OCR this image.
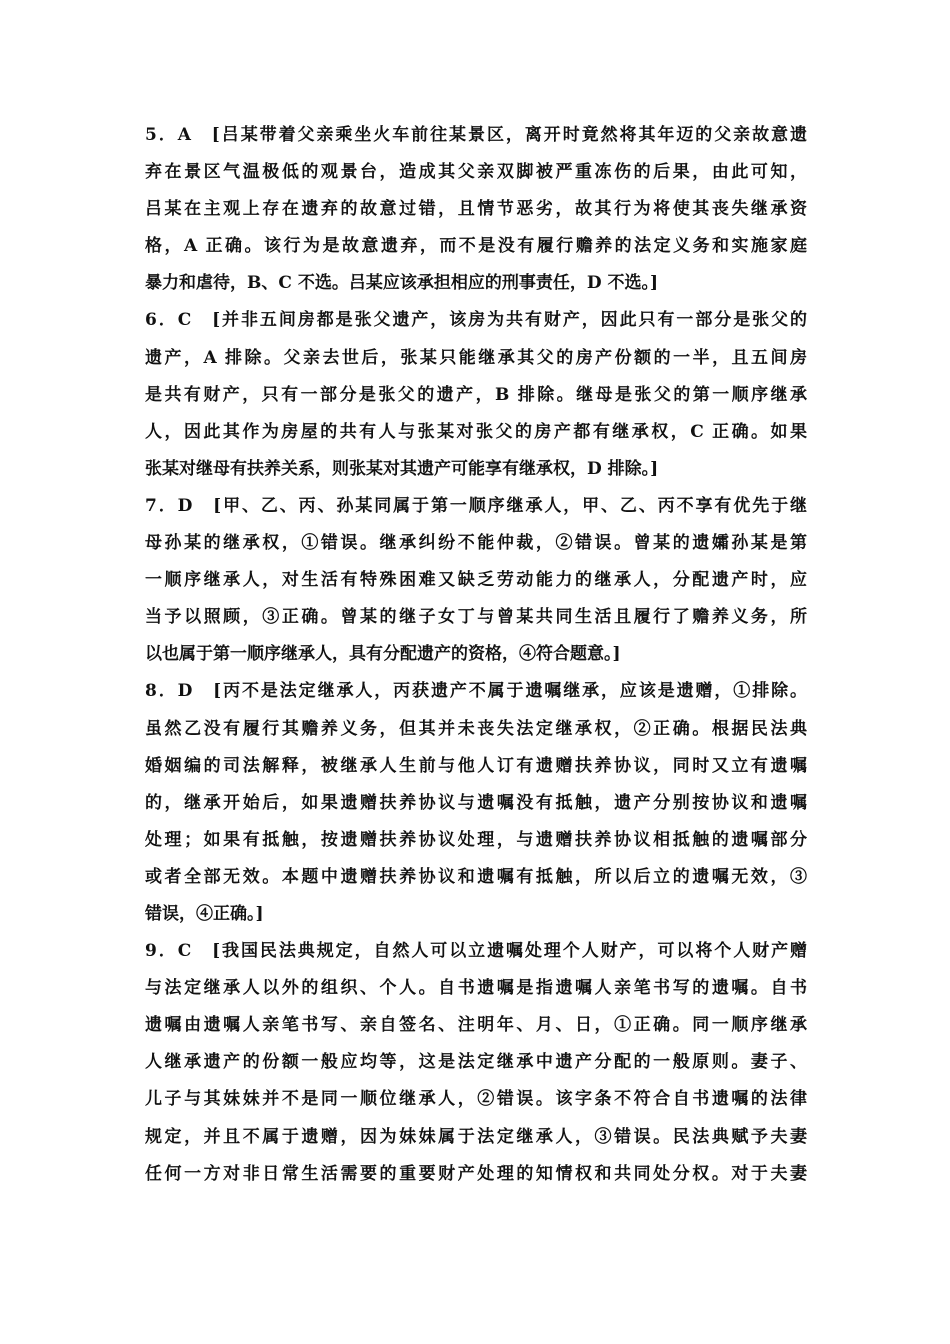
5．A　[吕某带着父亲乘坐火车前往某景区，离开时竟然将其年迈的父亲故意遗
弃在景区气温极低的观景台，造成其父亲双脚被严重冻伤的后果，由此可知，
吕某在主观上存在遗弃的故意过错，且情节恶劣，故其行为将使其丧失继承资
格，A 正确。该行为是故意遗弃，而不是没有履行赡养的法定义务和实施家庭
暴力和虐待，B、C 不选。吕某应该承担相应的刑事责任，D 不选。]
6．C　[并非五间房都是张父遗产，该房为共有财产，因此只有一部分是张父的
遗产，A 排除。父亲去世后，张某只能继承其父的房产份额的一半，且五间房
是共有财产，只有一部分是张父的遗产，B 排除。继母是张父的第一顺序继承
人，因此其作为房屋的共有人与张某对张父的房产都有继承权，C 正确。如果
张某对继母有扶养关系，则张某对其遗产可能享有继承权，D 排除。]
7．D　[甲、乙、丙、孙某同属于第一顺序继承人，甲、乙、丙不享有优先于继
母孙某的继承权，①错误。继承纠纷不能仲裁，②错误。曾某的遗孀孙某是第
一顺序继承人，对生活有特殊困难又缺乏劳动能力的继承人，分配遗产时，应
当予以照顾，③正确。曾某的继子女丁与曾某共同生活且履行了赡养义务，所
以也属于第一顺序继承人，具有分配遗产的资格，④符合题意。]
8．D　[丙不是法定继承人，丙获遗产不属于遗嘱继承，应该是遗赠，①排除。
虽然乙没有履行其赡养义务，但其并未丧失法定继承权，②正确。根据民法典
婚姻编的司法解释，被继承人生前与他人订有遗赠扶养协议，同时又立有遗嘱
的，继承开始后，如果遗赠扶养协议与遗嘱没有抵触，遗产分别按协议和遗嘱
处理；如果有抵触，按遗赠扶养协议处理，与遗赠扶养协议相抵触的遗嘱部分
或者全部无效。本题中遗赠扶养协议和遗嘱有抵触，所以后立的遗嘱无效，③
错误，④正确。]
9．C　[我国民法典规定，自然人可以立遗嘱处理个人财产，可以将个人财产赠
与法定继承人以外的组织、个人。自书遗嘱是指遗嘱人亲笔书写的遗嘱。自书
遗嘱由遗嘱人亲笔书写、亲自签名、注明年、月、日，①正确。同一顺序继承
人继承遗产的份额一般应均等，这是法定继承中遗产分配的一般原则。妻子、
儿子与其妹妹并不是同一顺位继承人，②错误。该字条不符合自书遗嘱的法律
规定，并且不属于遗赠，因为妹妹属于法定继承人，③错误。民法典赋予夫妻
任何一方对非日常生活需要的重要财产处理的知情权和共同处分权。对于夫妻
